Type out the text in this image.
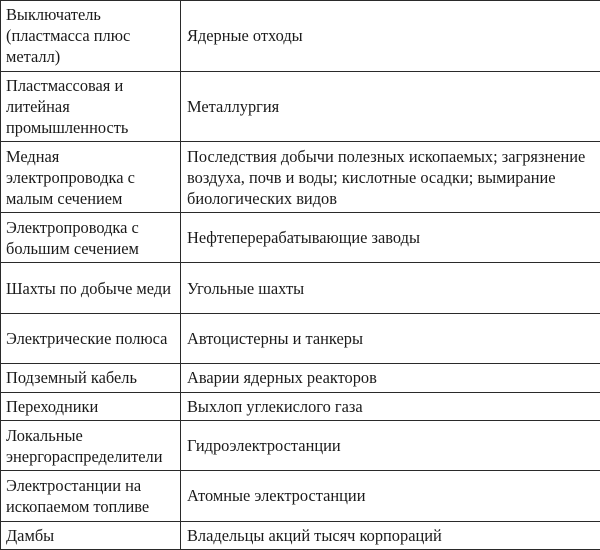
Выключатель (пластмасса плюс металл)	Ядерные отходы
Пластмассовая и литейная промышленность	Металлургия
Медная электропроводка с малым сечением	Последствия добычи полезных ископаемых; загрязнение воздуха, почв и воды; кислотные осадки; вымирание биологических видов
Электропроводка с большим сечением	Нефтеперерабатывающие заводы
Шахты по добыче меди	Угольные шахты
Электрические полюса	Автоцистерны и танкеры
Подземный кабель	Аварии ядерных реакторов
Переходники	Выхлоп углекислого газа
Локальные энергораспределители	Гидроэлектростанции
Электростанции на ископаемом топливе	Атомные электростанции
Дамбы	Владельцы акций тысяч корпораций
